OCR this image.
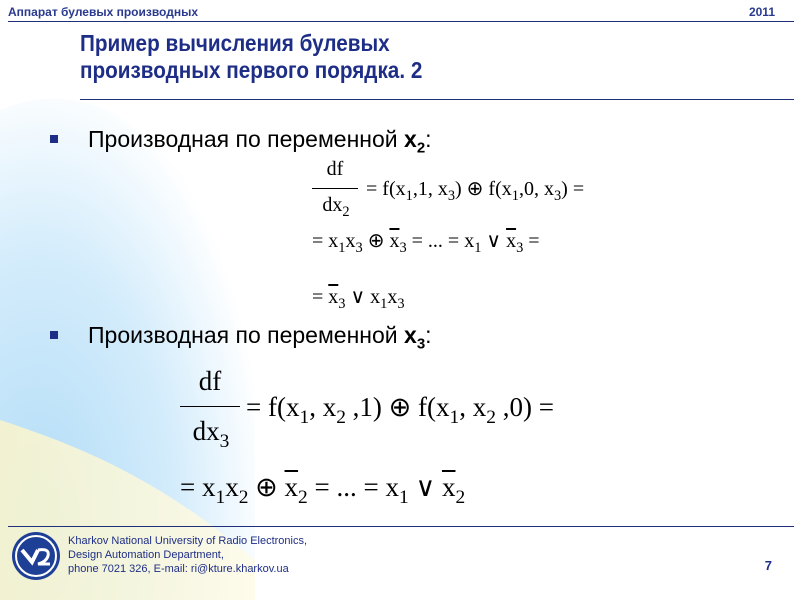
Аппарат булевых производных	2011
Пример вычисления булевых
производных первого порядка. 2
Производная по переменной $x_2$:
df
$dx_2$
= $f(x_1,1$, $x_3$) ⊕ $f(x_1,0$, $x_3$) =
= $x_1x_3$ ⊕ $\overline{x}_3$ = ... = $x_1$ ∨ $\overline{x}_3$ =
= $\overline{x}_3$ ∨ $x_1x_3$
Производная по переменной $x_3$:
df
$dx_3$
= $f(x_1$, $x_2$ ,1) ⊕ $f(x_1$, $x_2$ ,0) =
= $x_1x_2$ ⊕ $\overline{x}_2$ = ... = $x_1$ ∨ $\overline{x}_2$
Kharkov National University of Radio Electronics,
Design Automation Department,
phone 7021 326, E-mail: ri@kture.kharkov.ua	7
